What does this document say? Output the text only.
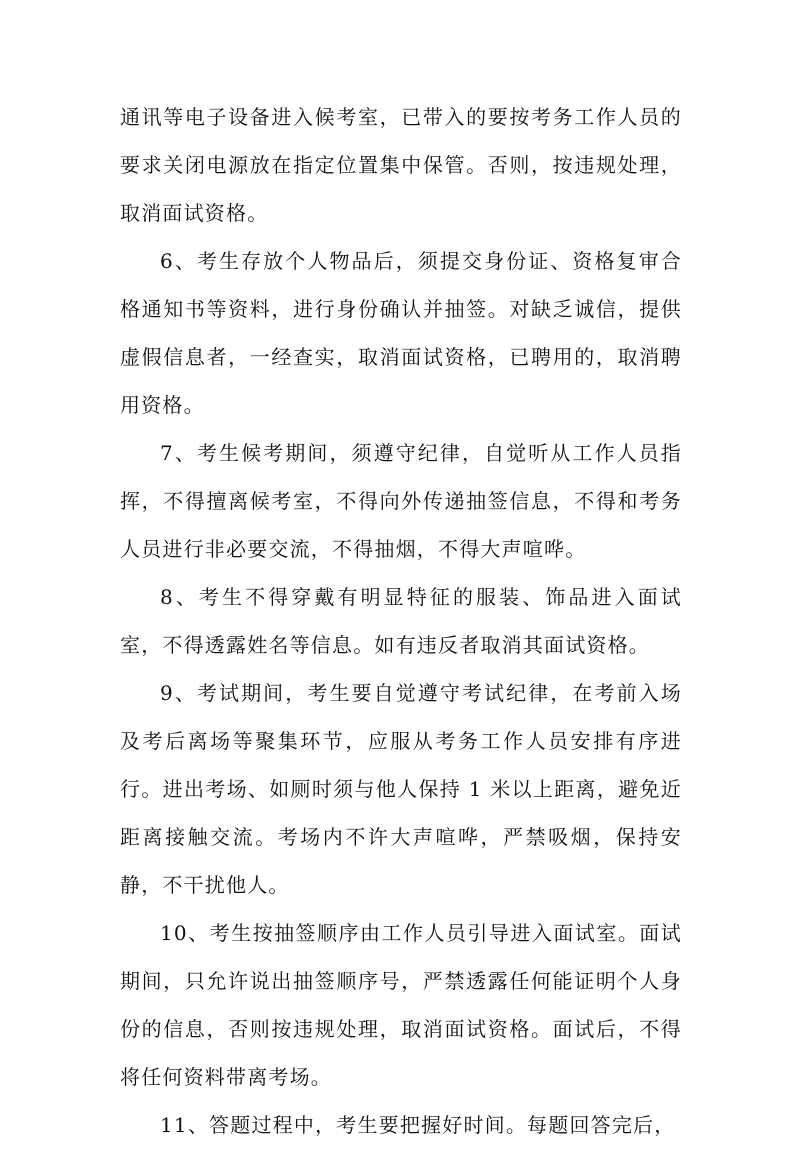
通讯等电子设备进入候考室，已带入的要按考务工作人员的要求关闭电源放在指定位置集中保管。否则，按违规处理，取消面试资格。

6、考生存放个人物品后，须提交身份证、资格复审合格通知书等资料，进行身份确认并抽签。对缺乏诚信，提供虚假信息者，一经查实，取消面试资格，已聘用的，取消聘用资格。

7、考生候考期间，须遵守纪律，自觉听从工作人员指挥，不得擅离候考室，不得向外传递抽签信息，不得和考务人员进行非必要交流，不得抽烟，不得大声喧哗。

8、考生不得穿戴有明显特征的服装、饰品进入面试室，不得透露姓名等信息。如有违反者取消其面试资格。

9、考试期间，考生要自觉遵守考试纪律，在考前入场及考后离场等聚集环节，应服从考务工作人员安排有序进行。进出考场、如厕时须与他人保持 1 米以上距离，避免近距离接触交流。考场内不许大声喧哗，严禁吸烟，保持安静，不干扰他人。

10、考生按抽签顺序由工作人员引导进入面试室。面试期间，只允许说出抽签顺序号，严禁透露任何能证明个人身份的信息，否则按违规处理，取消面试资格。面试后，不得将任何资料带离考场。

11、答题过程中，考生要把握好时间。每题回答完后，
